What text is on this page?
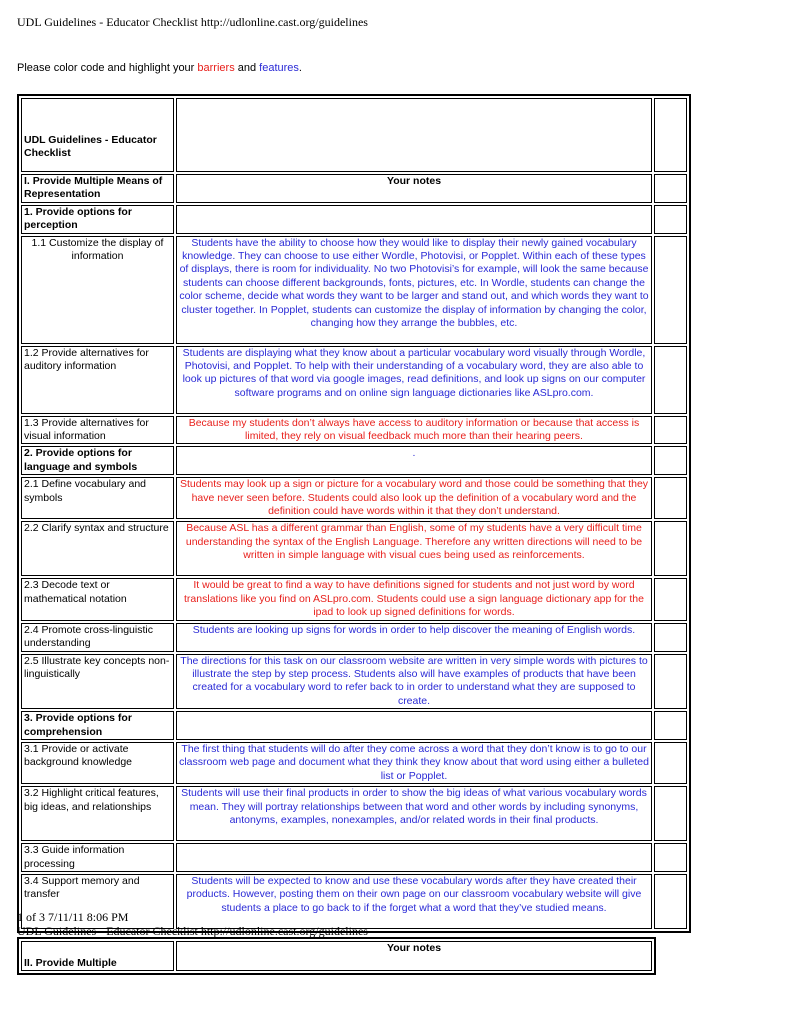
UDL Guidelines - Educator Checklist http://udlonline.cast.org/guidelines
Please color code and highlight your barriers and features.
UDL Guidelines - Educator Checklist		

I. Provide Multiple Means of Representation	Your notes	
1. Provide options for perception		
1.1 Customize the display of information	Students have the ability to choose how they would like to display their newly gained vocabulary knowledge. They can choose to use either Wordle, Photovisi, or Popplet. Within each of these types of displays, there is room for individuality. No two Photovisi’s for example, will look the same because students can choose different backgrounds, fonts, pictures, etc. In Wordle, students can change the color scheme, decide what words they want to be larger and stand out, and which words they want to cluster together. In Popplet, students can customize the display of information by changing the color, changing how they arrange the bubbles, etc.	
1.2 Provide alternatives for auditory information	Students are displaying what they know about a particular vocabulary word visually through Wordle, Photovisi, and Popplet. To help with their understanding of a vocabulary word, they are also able to look up pictures of that word via google images, read definitions, and look up signs on our computer software programs and on online sign language dictionaries like ASLpro.com.	
1.3 Provide alternatives for visual information	Because my students don’t always have access to auditory information or because that access is limited, they rely on visual feedback much more than their hearing peers.	
2. Provide options for language and symbols	.	
2.1 Define vocabulary and symbols	Students may look up a sign or picture for a vocabulary word and those could be something that they have never seen before. Students could also look up the definition of a vocabulary word and the definition could have words within it that they don’t understand.	
2.2 Clarify syntax and structure	Because ASL has a different grammar than English, some of my students have a very difficult time understanding the syntax of the English Language. Therefore any written directions will need to be written in simple language with visual cues being used as reinforcements.	
2.3 Decode text or mathematical notation	It would be great to find a way to have definitions signed for students and not just word by word translations like you find on ASLpro.com. Students could use a sign language dictionary app for the ipad to look up signed definitions for words.	
2.4 Promote cross-linguistic understanding	Students are looking up signs for words in order to help discover the meaning of English words.	
2.5 Illustrate key concepts non-linguistically	The directions for this task on our classroom website are written in very simple words with pictures to illustrate the step by step process. Students also will have examples of products that have been created for a vocabulary word to refer back to in order to understand what they are supposed to create.	
3. Provide options for comprehension		
3.1 Provide or activate background knowledge	The first thing that students will do after they come across a word that they don’t know is to go to our classroom web page and document what they think they know about that word using either a bulleted list or Popplet.	
3.2 Highlight critical features, big ideas, and relationships	Students will use their final products in order to show the big ideas of what various vocabulary words mean. They will portray relationships between that word and other words by including synonyms, antonyms, examples, nonexamples, and/or related words in their final products.	
3.3 Guide information processing		
3.4 Support memory and transfer	Students will be expected to know and use these vocabulary words after they have created their products. However, posting them on their own page on our classroom vocabulary website will give students a place to go back to if the forget what a word that they’ve studied means.	
1 of 3 7/11/11 8:06 PM
UDL Guidelines - Educator Checklist http://udlonline.cast.org/guidelines
II. Provide Multiple	Your notes
